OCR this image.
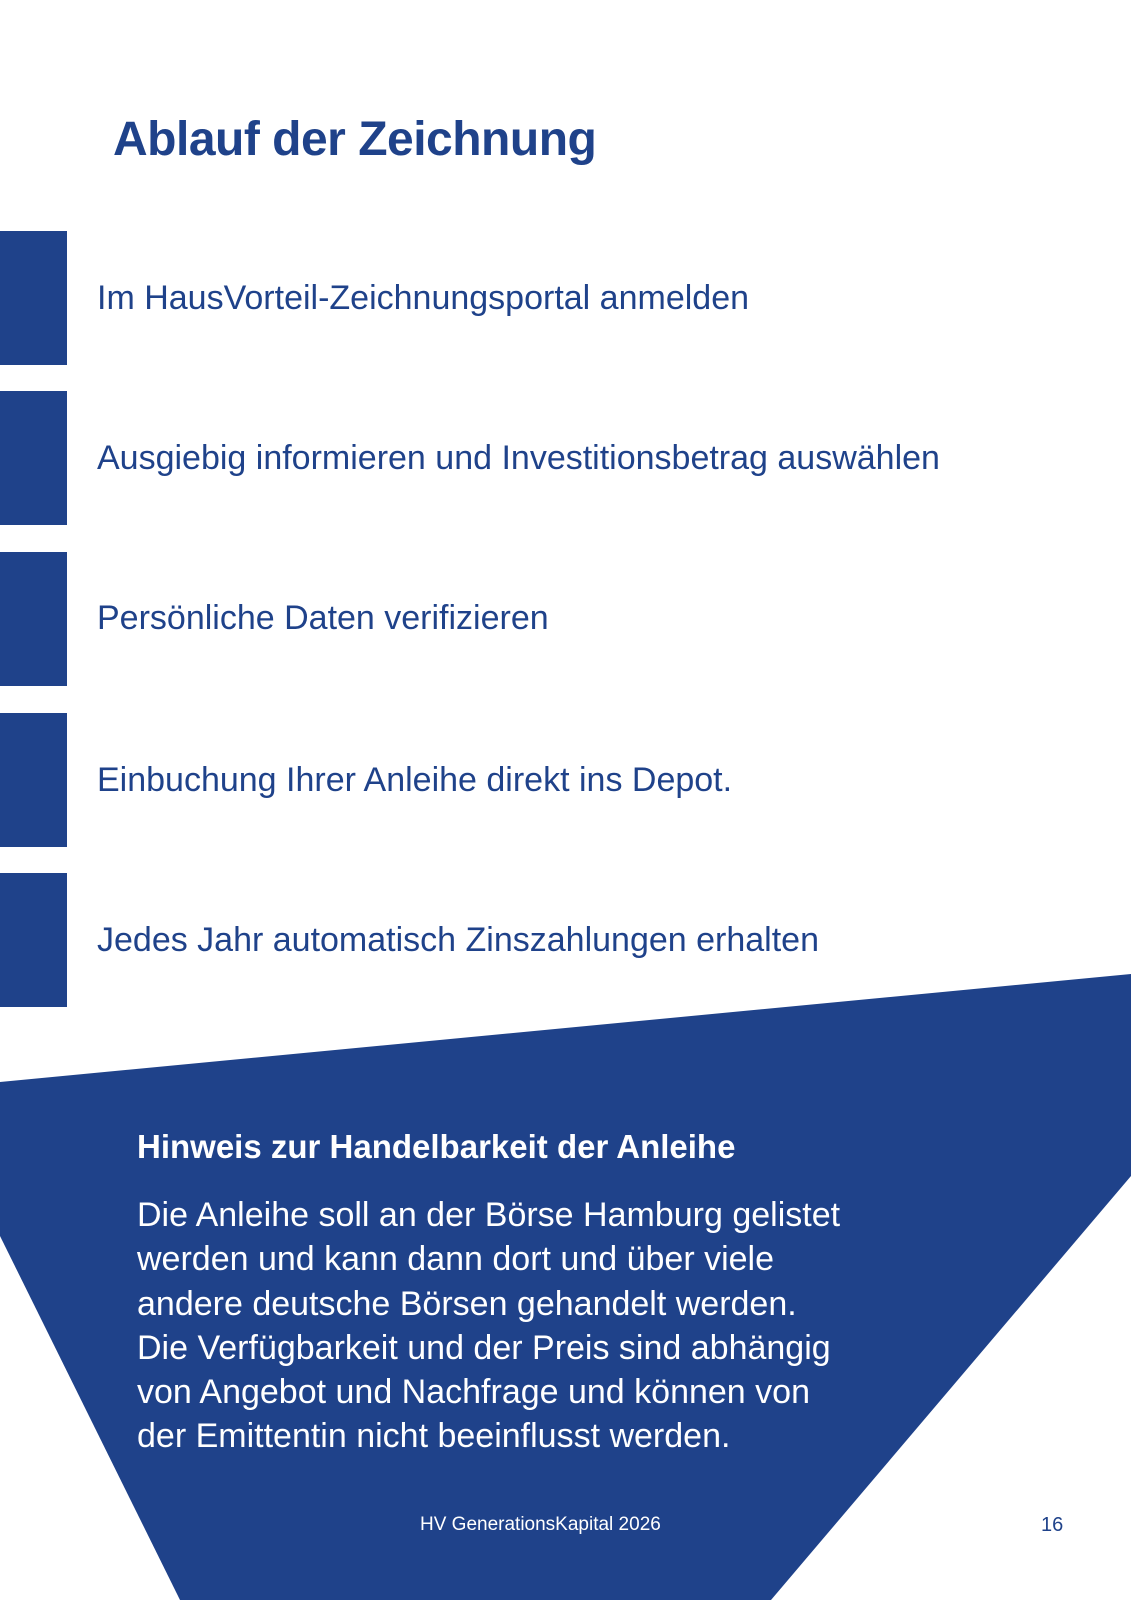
Ablauf der Zeichnung
Im HausVorteil-Zeichnungsportal anmelden
Ausgiebig informieren und Investitionsbetrag auswählen
Persönliche Daten verifizieren
Einbuchung Ihrer Anleihe direkt ins Depot.
Jedes Jahr automatisch Zinszahlungen erhalten
Hinweis zur Handelbarkeit der Anleihe

Die Anleihe soll an der Börse Hamburg gelistet
werden und kann dann dort und über viele
andere deutsche Börsen gehandelt werden.
Die Verfügbarkeit und der Preis sind abhängig
von Angebot und Nachfrage und können von
der Emittentin nicht beeinflusst werden.

HV GenerationsKapital 2026	16
